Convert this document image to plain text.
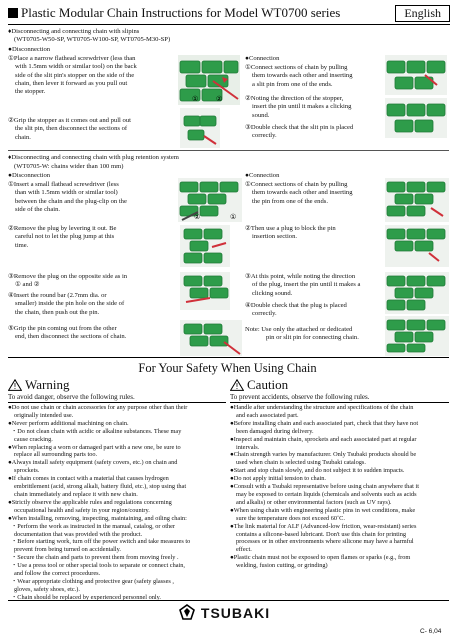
Plastic Modular Chain Instructions for Model WT0700 series	English
♦Disconnecting and connecting chain with slipins
(WT0705-W50-SP, WT0705-W100-SP, WT0705-M30-SP)
●Disconnection
①Place a narrow flathead screwdriver (less than
with 1.5mm width or similar tool) on the back
side of the slit pin's stopper on the side of the
chain, then lever it forward as you pull out
the stopper.
②Grip the stopper as it comes out and pull out
the slit pin, then disconnect the sections of
chain.
●Connection
①Connect sections of chain by pulling
them towards each other and inserting
a slit pin from one of the ends.
②Noting the direction of the stopper,
insert the pin until it makes a clicking
sound.
③Double check that the slit pin is placed
correctly.
①	②
♦Disconnecting and connecting chain with plug retention system
(WT0705-W: chains wider than 100 mm)
●Disconnection
①Insert a small flathead screwdriver (less
than with 1.5mm width or similar tool)
between the chain and the plug-clip on the
side of the chain.
②Remove the plug by levering it out. Be
careful not to let the plug jump at this
time.
③Remove the plug on the opposite side as in
① and ②
④Insert the round bar (2.7mm dia. or
smaller) inside the pin hole on the side of
the chain, then push out the pin.
⑤Grip the pin coming out from the other
end, then disconnect the sections of chain.
●Connection
①Connect sections of chain by pulling
them towards each other and inserting
the pin from one of the ends.
②Then use a plug to block the pin
insertion section.
③At this point, while noting the direction
of the plug, insert the pin until it makes a
clicking sound.
④Double check that the plug is placed
correctly.
Note: Use only the attached or dedicated
pin or slit pin for connecting chain.
②	①
For Your Safety When Using Chain
! Warning	! Caution
To avoid danger, observe the following rules.	To prevent accidents, observe the following rules.
●Do not use chain or chain accessories for any purpose other than their
originally intended use.
●Never perform additional machining on chain.
・Do not clean chain with acidic or alkaline substances. These may
cause cracking.
●When replacing a worn or damaged part with a new one, be sure to
replace all surrounding parts too.
●Always install safety equipment (safety covers, etc.) on chain and
sprockets.
●If chain comes in contact with a material that causes hydrogen
embrittlement (acid, strong alkali, battery fluid, etc.), stop using that
chain immediately and replace it with new chain.
●Strictly observe the applicable rules and regulations concerning
occupational health and safety in your region/country.
●When installing, removing, inspecting, maintaining, and oiling chain:
・Perform the work as instructed in the manual, catalog, or other
documentation that was provided with the product.
・Before starting work, turn off the power switch and take measures to
prevent from being turned on accidentally.
・Secure the chain and parts to prevent them from moving freely .
・Use a press tool or other special tools to separate or connect chain,
and follow the correct procedures.
・Wear appropriate clothing and protective gear (safety glasses ,
gloves, safety shoes, etc.).
・Chain should be replaced by experienced personnel only.
●Handle after understanding the structure and specifications of the chain
and each associated part.
●Before installing chain and each associated part, check that they have not
been damaged during delivery.
●Inspect and maintain chain, sprockets and each associated part at regular
intervals.
●Chain strength varies by manufacturer. Only Tsubaki products should be
used when chain is selected using Tsubaki catalogs.
●Start and stop chain slowly, and do not subject it to sudden impacts.
●Do not apply initial tension to chain.
●Consult with a Tsubaki representative before using chain anywhere that it
may be exposed to certain liquids (chemicals and solvents such as acids
and alkalis) or other environmental factors (such as UV rays).
●When using chain with engineering plastic pins in wet conditions, make
sure the temperature does not exceed 60˚C.
●The link material for ALF (Advanced-low friction, wear-resistant) series
contains a silicone-based lubricant. Don't use this chain for printing
processes or in other environments where silicone may have a harmful
effect.
●Plastic chain must not be exposed to open flames or sparks (e.g., from
welding, fusion cutting, or grinding)
TSUBAKI
C- 6,04
